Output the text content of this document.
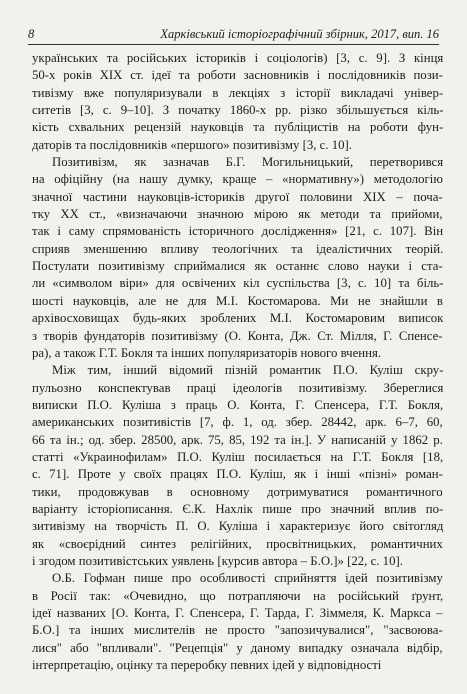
8	Харківський історіографічний збірник, 2017, вип. 16
українських та російських істориків і соціологів) [3, с. 9]. З кінця
50-х років XIX ст. ідеї та роботи засновників і послідовників пози-
тивізму вже популяризували в лекціях з історії викладачі універ-
ситетів [3, с. 9–10]. З початку 1860-х рр. різко збільшується кіль-
кість схвальних рецензій науковців та публіцистів на роботи фун-
даторів та послідовників «першого» позитивізму [3, с. 10].
Позитивізм, як зазначав Б.Г. Могильницький, перетворився
на офіційну (на нашу думку, краще – «нормативну») методологію
значної частини науковців-істориків другої половини XIX – поча-
тку XX ст., «визначаючи значною мірою як методи та прийоми,
так і саму спрямованість історичного дослідження» [21, с. 107]. Він
сприяв зменшенню впливу теологічних та ідеалістичних теорій.
Постулати позитивізму сприймалися як останнє слово науки і ста-
ли «символом віри» для освічених кіл суспільства [3, с. 10] та біль-
шості науковців, але не для М.І. Костомарова. Ми не знайшли в
архівосховищах будь-яких зроблених М.І. Костомаровим виписок
з творів фундаторів позитивізму (О. Конта, Дж. Ст. Мілля, Г. Спенсе-
ра), а також Г.Т. Бокля та інших популяризаторів нового вчення.
Між тим, інший відомий пізній романтик П.О. Куліш скру-
пульозно конспектував праці ідеологів позитивізму. Збереглися
виписки П.О. Куліша з праць О. Конта, Г. Спенсера, Г.Т. Бокля,
американських позитивістів [7, ф. 1, од. збер. 28442, арк. 6–7, 60,
66 та ін.; од. збер. 28500, арк. 75, 85, 192 та ін.]. У написаній у 1862 р.
статті «Украинофилам» П.О. Куліш посилається на Г.Т. Бокля [18,
с. 71]. Проте у своїх працях П.О. Куліш, як і інші «пізні» роман-
тики, продовжував в основному дотримуватися романтичного
варіанту історіописання. Є.К. Нахлік пише про значний вплив по-
зитивізму на творчість П. О. Куліша і характеризує його світогляд
як «своєрідний синтез релігійних, просвітницьких, романтичних
і згодом позитивістських уявлень [курсив автора – Б.О.]» [22, с. 10].
О.Б. Гофман пише про особливості сприйняття ідей позитивізму
в Росії так: «Очевидно, що потрапляючи на російський ґрунт,
ідеї названих [О. Конта, Г. Спенсера, Г. Тарда, Г. Зіммеля, К. Маркса –
Б.О.] та інших мислителів не просто "запозичувалися", "засвоюва-
лися" або "впливали". "Рецепція" у даному випадку означала відбір,
інтерпретацію, оцінку та переробку певних ідей у відповідності
